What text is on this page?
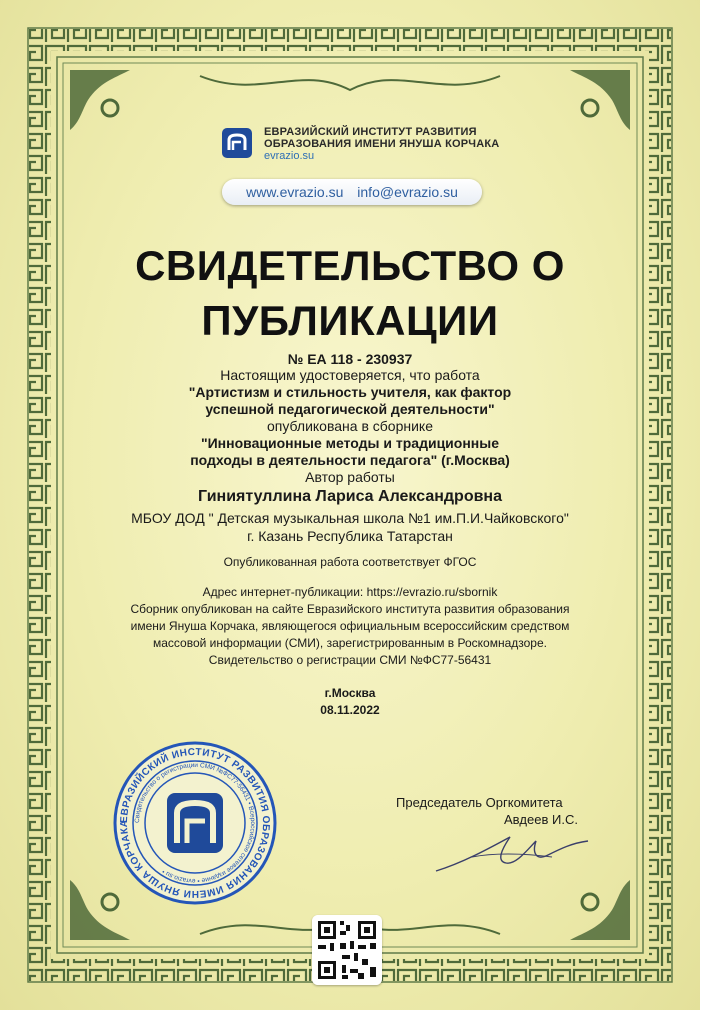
ЕВРАЗИЙСКИЙ ИНСТИТУТ РАЗВИТИЯ
ОБРАЗОВАНИЯ ИМЕНИ ЯНУША КОРЧАКА
evrazio.su
www.evrazio.su info@evrazio.su
СВИДЕТЕЛЬСТВО О
ПУБЛИКАЦИИ
№ ЕА 118 - 230937
Настоящим удостоверяется, что работа
"Артистизм и стильность учителя, как фактор
успешной педагогической деятельности"
опубликована в сборнике
"Инновационные методы и традиционные
подходы в деятельности педагога" (г.Москва)
Автор работы
Гиниятуллина Лариса Александровна
МБОУ ДОД " Детская музыкальная школа №1 им.П.И.Чайковского"
г. Казань Республика Татарстан
Опубликованная работа соответствует ФГОС
Адрес интернет-публикации: https://evrazio.ru/sbornik
Сборник опубликован на сайте Евразийского института развития образования
имени Януша Корчака, являющегося официальным всероссийским средством
массовой информации (СМИ), зарегистрированным в Роскомнадзоре.
Свидетельство о регистрации СМИ №ФС77-56431
г.Москва
08.11.2022
ЕВРАЗИЙСКИЙ ИНСТИТУТ РАЗВИТИЯ ОБРАЗОВАНИЯ ИМЕНИ ЯНУША КОРЧАКА Свидетельство о регистрации СМИ №ФС77-56431 • Всероссийское сетевое издание • evrazio.su •
Председатель Оргкомитета
Авдеев И.С.
